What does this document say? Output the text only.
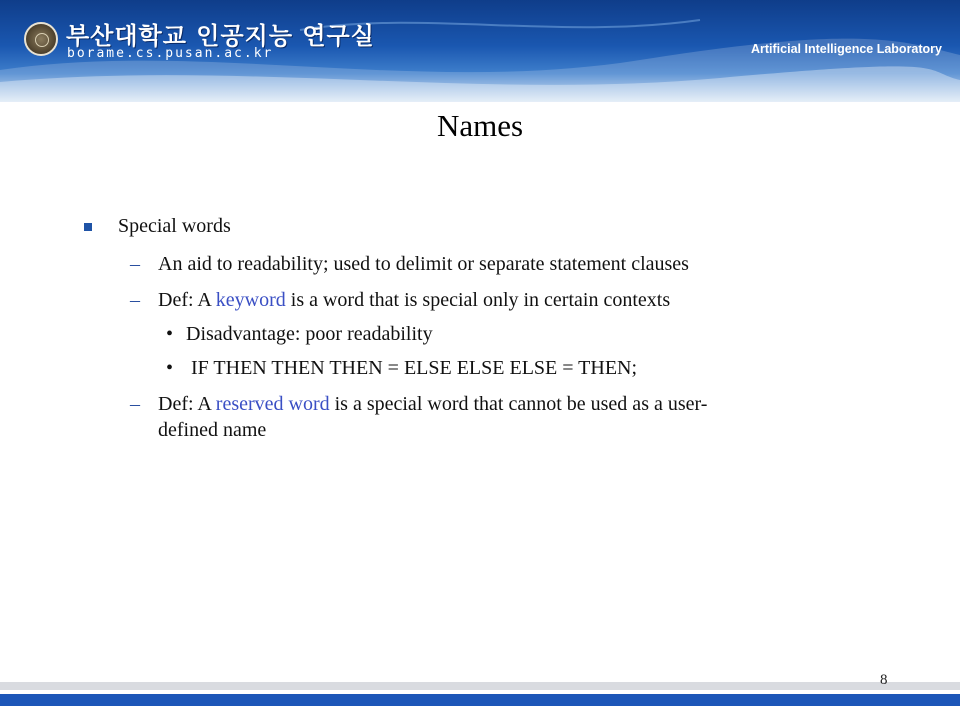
부산대학교 인공지능 연구실
borame.cs.pusan.ac.kr	Artificial Intelligence Laboratory
Names
Special words
– An aid to readability; used to delimit or separate statement clauses
– Def: A keyword is a word that is special only in certain contexts
• Disadvantage: poor readability
• IF THEN THEN THEN = ELSE ELSE ELSE = THEN;
– Def: A reserved word is a special word that cannot be used as a user-
defined name
8
